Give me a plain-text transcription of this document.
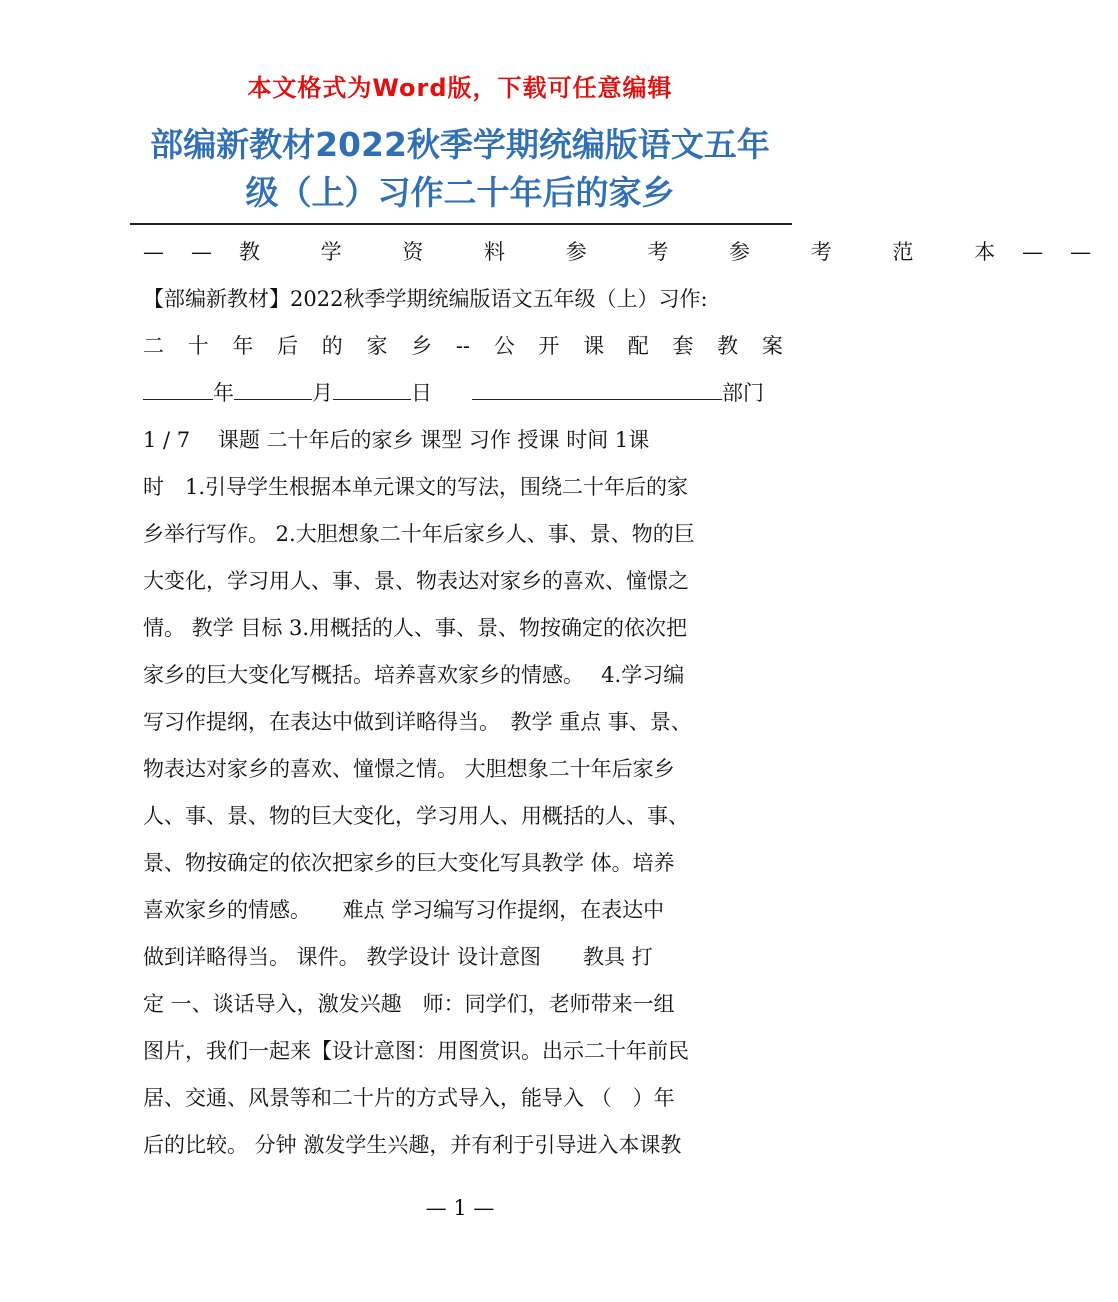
本文格式为Word版，下载可任意编辑
部编新教材2022秋季学期统编版语文五年
级（上）习作二十年后的家乡
——教 学 资 料 参 考 参 考 范 本——
【部编新教材】2022秋季学期统编版语文五年级（上）习作:
二 十 年 后 的 家 乡 -- 公 开 课 配 套 教 案
年	月	日	部门
1 / 7　 课题 二十年后的家乡 课型 习作 授课 时间 1课
时　1.引导学生根据本单元课文的写法，围绕二十年后的家
乡举行写作。 2.大胆想象二十年后家乡人、事、景、物的巨
大变化，学习用人、事、景、物表达对家乡的喜欢、憧憬之
情。 教学 目标 3.用概括的人、事、景、物按确定的依次把
家乡的巨大变化写概括。培养喜欢家乡的情感。　 4.学习编
写习作提纲，在表达中做到详略得当。　教学 重点 事、景、
物表达对家乡的喜欢、憧憬之情。 大胆想象二十年后家乡
人、事、景、物的巨大变化，学习用人、用概括的人、事、
景、物按确定的依次把家乡的巨大变化写具教学 体。培养
喜欢家乡的情感。　　难点 学习编写习作提纲，在表达中
做到详略得当。 课件。 教学设计 设计意图　　教具 打
定 一、谈话导入，激发兴趣　师：同学们，老师带来一组
图片，我们一起来【设计意图：用图赏识。出示二十年前民
居、交通、风景等和二十片的方式导入，能导入 （　）年
后的比较。 分钟 激发学生兴趣，并有利于引导进入本课教
— 1 —
